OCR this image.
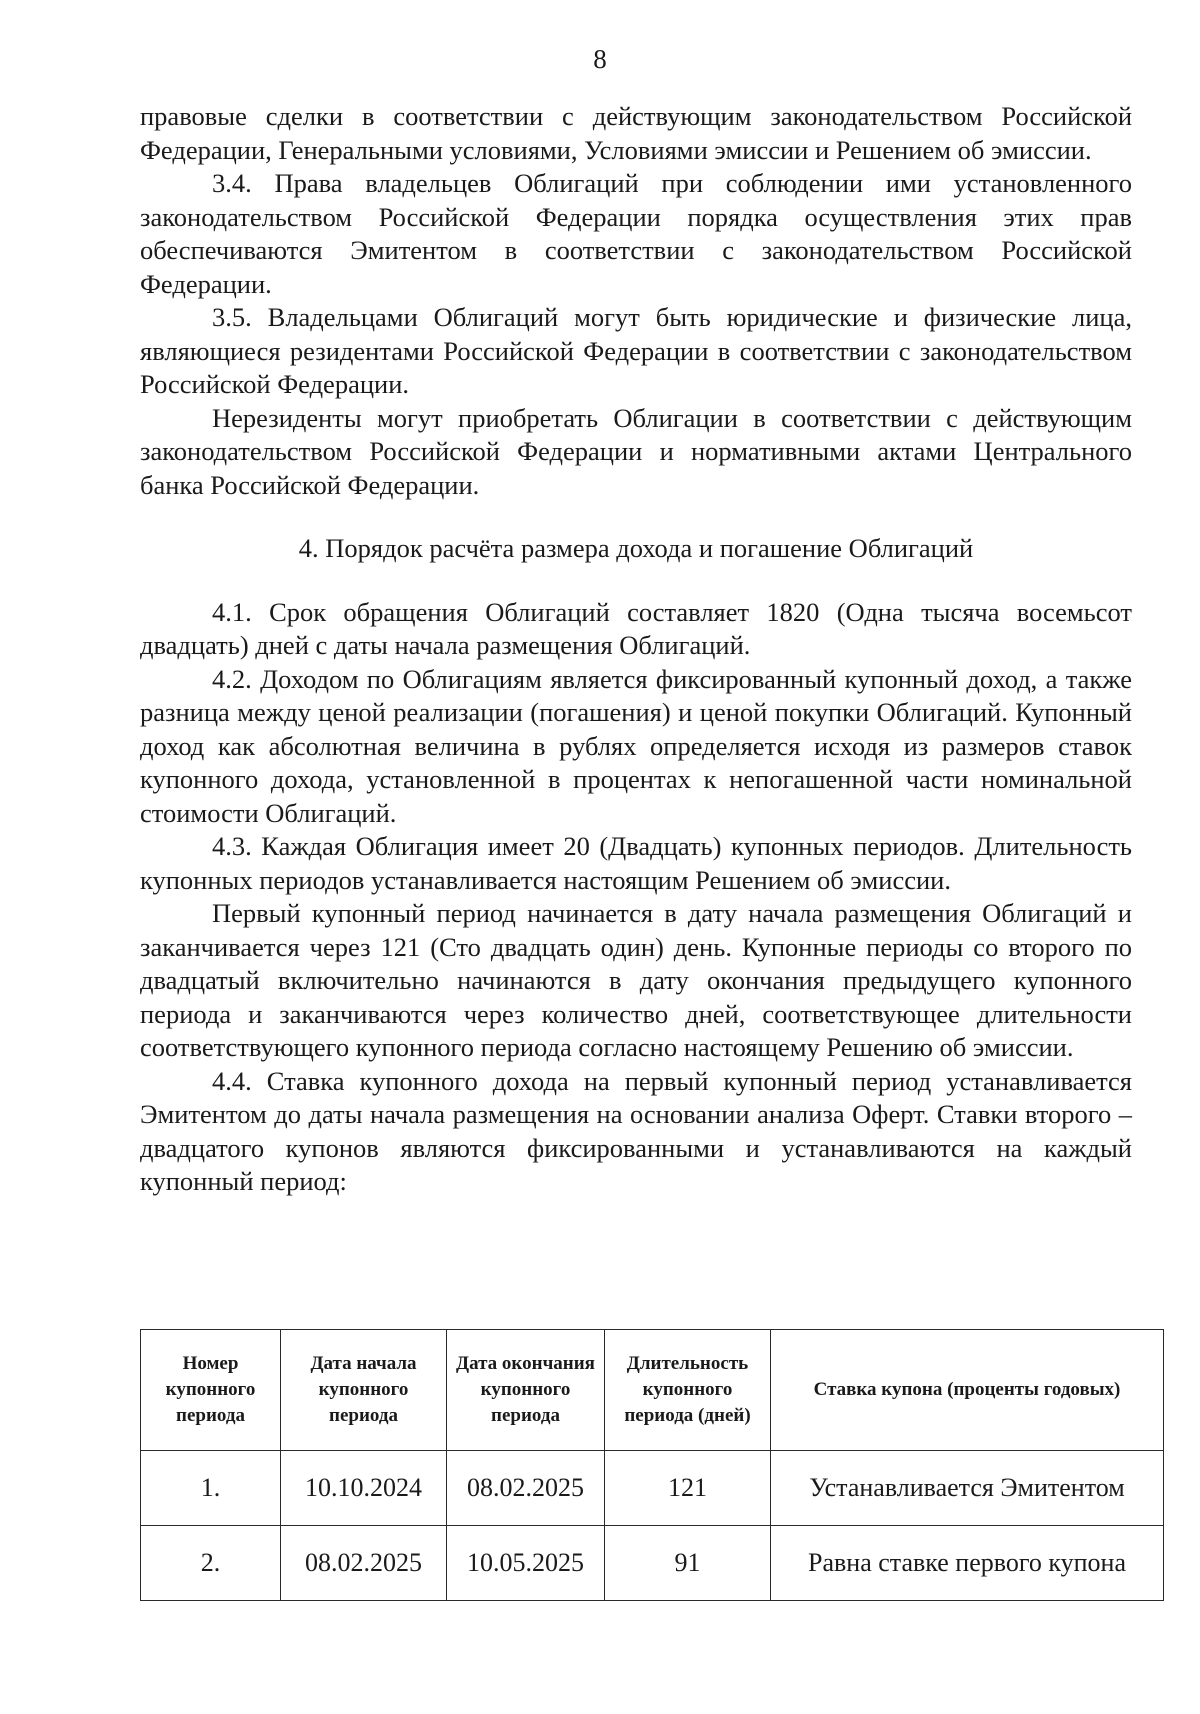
8

правовые сделки в соответствии с действующим законодательством Российской Федерации, Генеральными условиями, Условиями эмиссии и Решением об эмиссии.

3.4. Права владельцев Облигаций при соблюдении ими установленного законодательством Российской Федерации порядка осуществления этих прав обеспечиваются Эмитентом в соответствии с законодательством Российской Федерации.

3.5. Владельцами Облигаций могут быть юридические и физические лица, являющиеся резидентами Российской Федерации в соответствии с законодательством Российской Федерации.

Нерезиденты могут приобретать Облигации в соответствии с действующим законодательством Российской Федерации и нормативными актами Центрального банка Российской Федерации.

4. Порядок расчёта размера дохода и погашение Облигаций

4.1. Срок обращения Облигаций составляет 1820 (Одна тысяча восемьсот двадцать) дней с даты начала размещения Облигаций.

4.2. Доходом по Облигациям является фиксированный купонный доход, а также разница между ценой реализации (погашения) и ценой покупки Облигаций. Купонный доход как абсолютная величина в рублях определяется исходя из размеров ставок купонного дохода, установленной в процентах к непогашенной части номинальной стоимости Облигаций.

4.3. Каждая Облигация имеет 20 (Двадцать) купонных периодов. Длительность купонных периодов устанавливается настоящим Решением об эмиссии.

Первый купонный период начинается в дату начала размещения Облигаций и заканчивается через 121 (Сто двадцать один) день. Купонные периоды со второго по двадцатый включительно начинаются в дату окончания предыдущего купонного периода и заканчиваются через количество дней, соответствующее длительности соответствующего купонного периода согласно настоящему Решению об эмиссии.

4.4. Ставка купонного дохода на первый купонный период устанавливается Эмитентом до даты начала размещения на основании анализа Оферт. Ставки второго – двадцатого купонов являются фиксированными и устанавливаются на каждый купонный период:

Номер купонного периода	Дата начала купонного периода	Дата окончания купонного периода	Длительность купонного периода (дней)	Ставка купона (проценты годовых)
1.	10.10.2024	08.02.2025	121	Устанавливается Эмитентом
2.	08.02.2025	10.05.2025	91	Равна ставке первого купона
